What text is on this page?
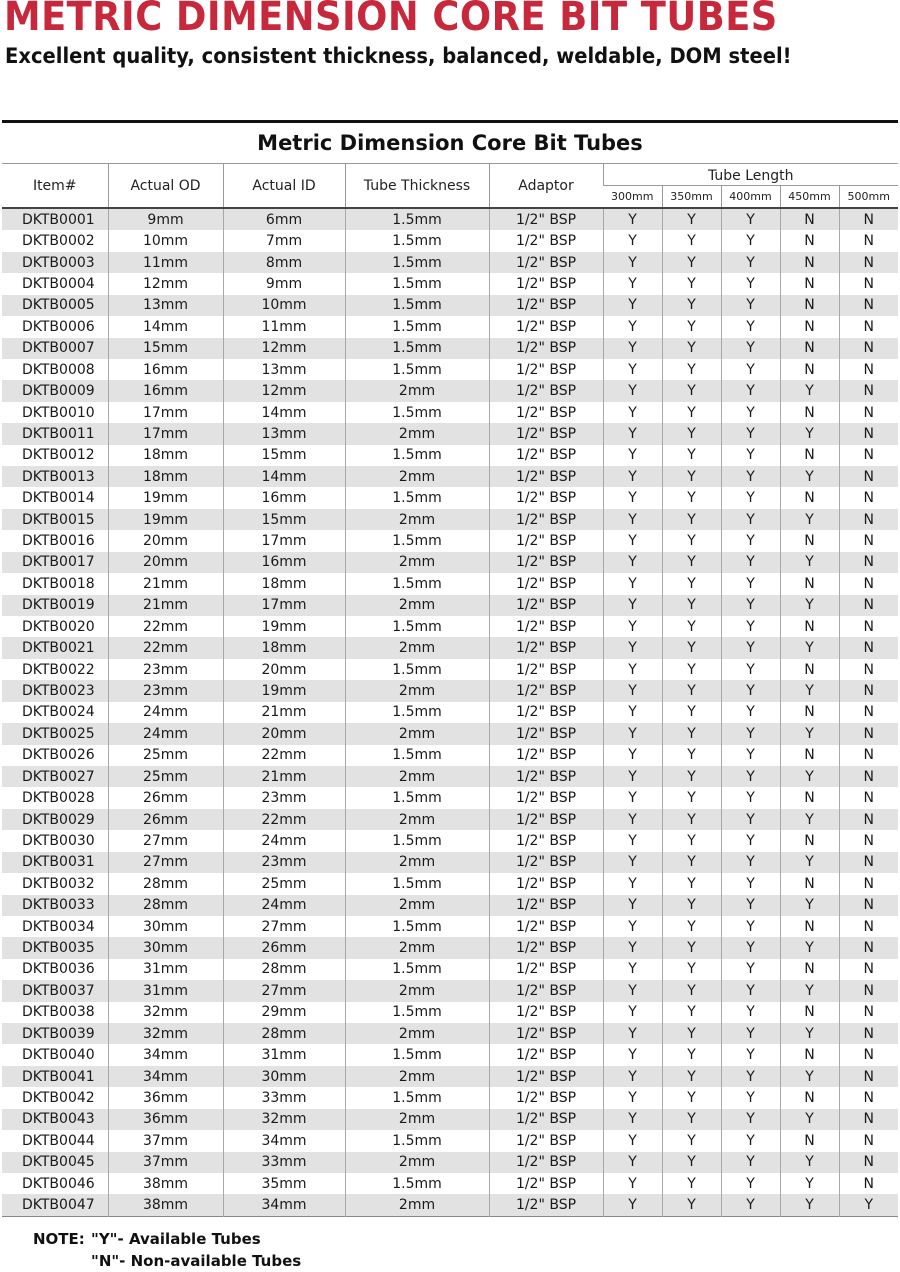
METRIC DIMENSION CORE BIT TUBES
Excellent quality, consistent thickness, balanced, weldable, DOM steel!
Metric Dimension Core Bit Tubes
Item#	Actual OD	Actual ID	Tube Thickness	Adaptor	Tube Length				
					300mm	350mm	400mm	450mm	500mm
DKTB0001	9mm	6mm	1.5mm	1/2" BSP	Y	Y	Y	N	N
DKTB0002	10mm	7mm	1.5mm	1/2" BSP	Y	Y	Y	N	N
DKTB0003	11mm	8mm	1.5mm	1/2" BSP	Y	Y	Y	N	N
DKTB0004	12mm	9mm	1.5mm	1/2" BSP	Y	Y	Y	N	N
DKTB0005	13mm	10mm	1.5mm	1/2" BSP	Y	Y	Y	N	N
DKTB0006	14mm	11mm	1.5mm	1/2" BSP	Y	Y	Y	N	N
DKTB0007	15mm	12mm	1.5mm	1/2" BSP	Y	Y	Y	N	N
DKTB0008	16mm	13mm	1.5mm	1/2" BSP	Y	Y	Y	N	N
DKTB0009	16mm	12mm	2mm	1/2" BSP	Y	Y	Y	Y	N
DKTB0010	17mm	14mm	1.5mm	1/2" BSP	Y	Y	Y	N	N
DKTB0011	17mm	13mm	2mm	1/2" BSP	Y	Y	Y	Y	N
DKTB0012	18mm	15mm	1.5mm	1/2" BSP	Y	Y	Y	N	N
DKTB0013	18mm	14mm	2mm	1/2" BSP	Y	Y	Y	Y	N
DKTB0014	19mm	16mm	1.5mm	1/2" BSP	Y	Y	Y	N	N
DKTB0015	19mm	15mm	2mm	1/2" BSP	Y	Y	Y	Y	N
DKTB0016	20mm	17mm	1.5mm	1/2" BSP	Y	Y	Y	N	N
DKTB0017	20mm	16mm	2mm	1/2" BSP	Y	Y	Y	Y	N
DKTB0018	21mm	18mm	1.5mm	1/2" BSP	Y	Y	Y	N	N
DKTB0019	21mm	17mm	2mm	1/2" BSP	Y	Y	Y	Y	N
DKTB0020	22mm	19mm	1.5mm	1/2" BSP	Y	Y	Y	N	N
DKTB0021	22mm	18mm	2mm	1/2" BSP	Y	Y	Y	Y	N
DKTB0022	23mm	20mm	1.5mm	1/2" BSP	Y	Y	Y	N	N
DKTB0023	23mm	19mm	2mm	1/2" BSP	Y	Y	Y	Y	N
DKTB0024	24mm	21mm	1.5mm	1/2" BSP	Y	Y	Y	N	N
DKTB0025	24mm	20mm	2mm	1/2" BSP	Y	Y	Y	Y	N
DKTB0026	25mm	22mm	1.5mm	1/2" BSP	Y	Y	Y	N	N
DKTB0027	25mm	21mm	2mm	1/2" BSP	Y	Y	Y	Y	N
DKTB0028	26mm	23mm	1.5mm	1/2" BSP	Y	Y	Y	N	N
DKTB0029	26mm	22mm	2mm	1/2" BSP	Y	Y	Y	Y	N
DKTB0030	27mm	24mm	1.5mm	1/2" BSP	Y	Y	Y	N	N
DKTB0031	27mm	23mm	2mm	1/2" BSP	Y	Y	Y	Y	N
DKTB0032	28mm	25mm	1.5mm	1/2" BSP	Y	Y	Y	N	N
DKTB0033	28mm	24mm	2mm	1/2" BSP	Y	Y	Y	Y	N
DKTB0034	30mm	27mm	1.5mm	1/2" BSP	Y	Y	Y	N	N
DKTB0035	30mm	26mm	2mm	1/2" BSP	Y	Y	Y	Y	N
DKTB0036	31mm	28mm	1.5mm	1/2" BSP	Y	Y	Y	N	N
DKTB0037	31mm	27mm	2mm	1/2" BSP	Y	Y	Y	Y	N
DKTB0038	32mm	29mm	1.5mm	1/2" BSP	Y	Y	Y	N	N
DKTB0039	32mm	28mm	2mm	1/2" BSP	Y	Y	Y	Y	N
DKTB0040	34mm	31mm	1.5mm	1/2" BSP	Y	Y	Y	N	N
DKTB0041	34mm	30mm	2mm	1/2" BSP	Y	Y	Y	Y	N
DKTB0042	36mm	33mm	1.5mm	1/2" BSP	Y	Y	Y	N	N
DKTB0043	36mm	32mm	2mm	1/2" BSP	Y	Y	Y	Y	N
DKTB0044	37mm	34mm	1.5mm	1/2" BSP	Y	Y	Y	N	N
DKTB0045	37mm	33mm	2mm	1/2" BSP	Y	Y	Y	Y	N
DKTB0046	38mm	35mm	1.5mm	1/2" BSP	Y	Y	Y	Y	N
DKTB0047	38mm	34mm	2mm	1/2" BSP	Y	Y	Y	Y	Y
NOTE: "Y"- Available Tubes
"N"- Non-available Tubes
